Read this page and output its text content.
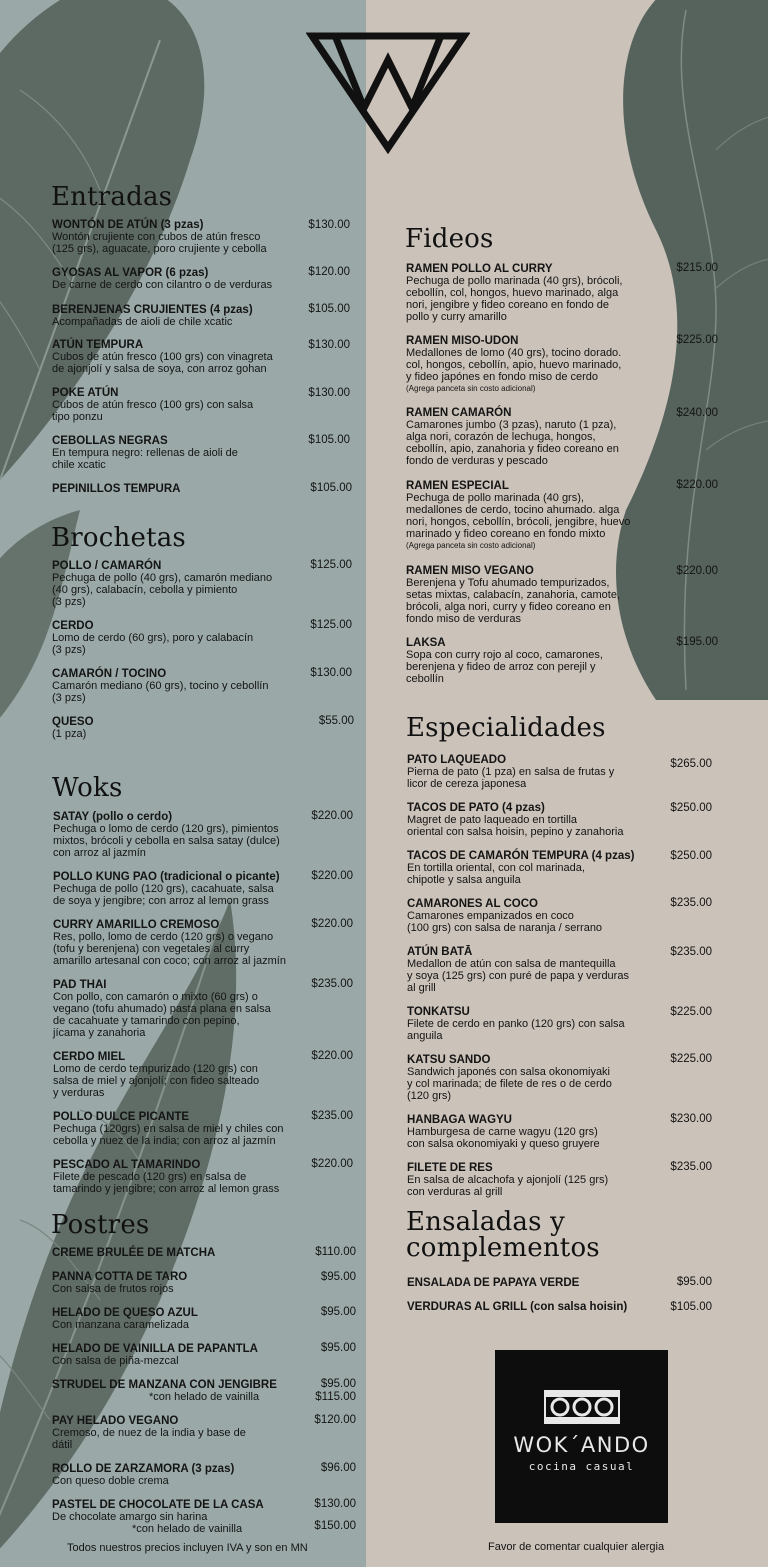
Entradas
WONTÓN DE ATÚN (3 pzas)
Wontón crujiente con cubos de atún fresco
(125 grs), aguacate, poro crujiente y cebolla
$130.00
GYOSAS AL VAPOR (6 pzas)
De carne de cerdo con cilantro o de verduras
$120.00
BERENJENAS CRUJIENTES (4 pzas)
Acompañadas de aioli de chile xcatic
$105.00
ATÚN TEMPURA
Cubos de atún fresco (100 grs) con vinagreta
de ajonjolí y salsa de soya, con arroz gohan
$130.00
POKE ATÚN
Cubos de atún fresco (100 grs) con salsa
tipo ponzu
$130.00
CEBOLLAS NEGRAS
En tempura negro: rellenas de aioli de
chile xcatic
$105.00
PEPINILLOS TEMPURA	$105.00
Brochetas
POLLO / CAMARÓN
Pechuga de pollo (40 grs), camarón mediano
(40 grs), calabacín, cebolla y pimiento
(3 pzs)
$125.00
CERDO
Lomo de cerdo (60 grs), poro y calabacín
(3 pzs)
$125.00
CAMARÓN / TOCINO
Camarón mediano (60 grs), tocino y cebollín
(3 pzs)
$130.00
QUESO
(1 pza)
$55.00
Woks
SATAY (pollo o cerdo)
Pechuga o lomo de cerdo (120 grs), pimientos
mixtos, brócoli y cebolla en salsa satay (dulce)
con arroz al jazmín
$220.00
POLLO KUNG PAO (tradicional o picante)
Pechuga de pollo (120 grs), cacahuate, salsa
de soya y jengibre; con arroz al lemon grass
$220.00
CURRY AMARILLO CREMOSO
Res, pollo, lomo de cerdo (120 grs) o vegano
(tofu y berenjena) con vegetales al curry
amarillo artesanal con coco; con arroz al jazmín
$220.00
PAD THAI
Con pollo, con camarón o mixto (60 grs) o
vegano (tofu ahumado) pasta plana en salsa
de cacahuate y tamarindo con pepino,
jícama y zanahoria
$235.00
CERDO MIEL
Lomo de cerdo tempurizado (120 grs) con
salsa de miel y ajonjolí; con fideo salteado
y verduras
$220.00
POLLO DULCE PICANTE
Pechuga (120grs) en salsa de miel y chiles con
cebolla y nuez de la india; con arroz al jazmín
$235.00
PESCADO AL TAMARINDO
Filete de pescado (120 grs) en salsa de
tamarindo y jengibre; con arroz al lemon grass
$220.00
Postres
CREME BRULÉE DE MATCHA	$110.00
PANNA COTTA DE TARO
Con salsa de frutos rojos
$95.00
HELADO DE QUESO AZUL
Con manzana caramelizada
$95.00
HELADO DE VAINILLA DE PAPANTLA
Con salsa de piña-mezcal
$95.00
STRUDEL DE MANZANA CON JENGIBRE
*con helado de vainilla
$95.00
$115.00
PAY HELADO VEGANO
Cremoso, de nuez de la india y base de
dátil
$120.00
ROLLO DE ZARZAMORA (3 pzas)
Con queso doble crema
$96.00
PASTEL DE CHOCOLATE DE LA CASA
De chocolate amargo sin harina
*con helado de vainilla
$130.00

$150.00
Todos nuestros precios incluyen IVA y son en MN
Fideos
RAMEN POLLO AL CURRY
Pechuga de pollo marinada (40 grs), brócoli,
cebollín, col, hongos, huevo marinado, alga
nori, jengibre y fideo coreano en fondo de
pollo y curry amarillo
$215.00
RAMEN MISO-UDON
Medallones de lomo (40 grs), tocino dorado.
col, hongos, cebollín, apio, huevo marinado,
y fideo japónes en fondo miso de cerdo
(Agrega panceta sin costo adicional)
$225.00
RAMEN CAMARÓN
Camarones jumbo (3 pzas), naruto (1 pza),
alga nori, corazón de lechuga, hongos,
cebollín, apio, zanahoria y fideo coreano en
fondo de verduras y pescado
$240.00
RAMEN ESPECIAL
Pechuga de pollo marinada (40 grs),
medallones de cerdo, tocino ahumado. alga
nori, hongos, cebollín, brócoli, jengibre, huevo
marinado y fideo coreano en fondo mixto
(Agrega panceta sin costo adicional)
$220.00
RAMEN MISO VEGANO
Berenjena y Tofu ahumado tempurizados,
setas mixtas, calabacín, zanahoria, camote,
brócoli, alga nori, curry y fideo coreano en
fondo miso de verduras
$220.00
LAKSA
Sopa con curry rojo al coco, camarones,
berenjena y fideo de arroz con perejil y
cebollín
$195.00
Especialidades
PATO LAQUEADO
Pierna de pato (1 pza) en salsa de frutas y
licor de cereza japonesa
$265.00
TACOS DE PATO (4 pzas)
Magret de pato laqueado en tortilla
oriental con salsa hoisin, pepino y zanahoria
$250.00
TACOS DE CAMARÓN TEMPURA (4 pzas)
En tortilla oriental, con col marinada,
chipotle y salsa anguila
$250.00
CAMARONES AL COCO
Camarones empanizados en coco
(100 grs) con salsa de naranja / serrano
$235.00
ATÚN BATĀ
Medallon de atún con salsa de mantequilla
y soya (125 grs) con puré de papa y verduras
al grill
$235.00
TONKATSU
Filete de cerdo en panko (120 grs) con salsa
anguila
$225.00
KATSU SANDO
Sandwich japonés con salsa okonomiyaki
y col marinada; de filete de res o de cerdo
(120 grs)
$225.00
HANBAGA WAGYU
Hamburgesa de carne wagyu (120 grs)
con salsa okonomiyaki y queso gruyere
$230.00
FILETE DE RES
En salsa de alcachofa y ajonjolí (125 grs)
con verduras al grill
$235.00
Ensaladas y
complementos
ENSALADA DE PAPAYA VERDE	$95.00
VERDURAS AL GRILL (con salsa hoisin)	$105.00
WOK´ANDO
cocina casual
Favor de comentar cualquier alergia
